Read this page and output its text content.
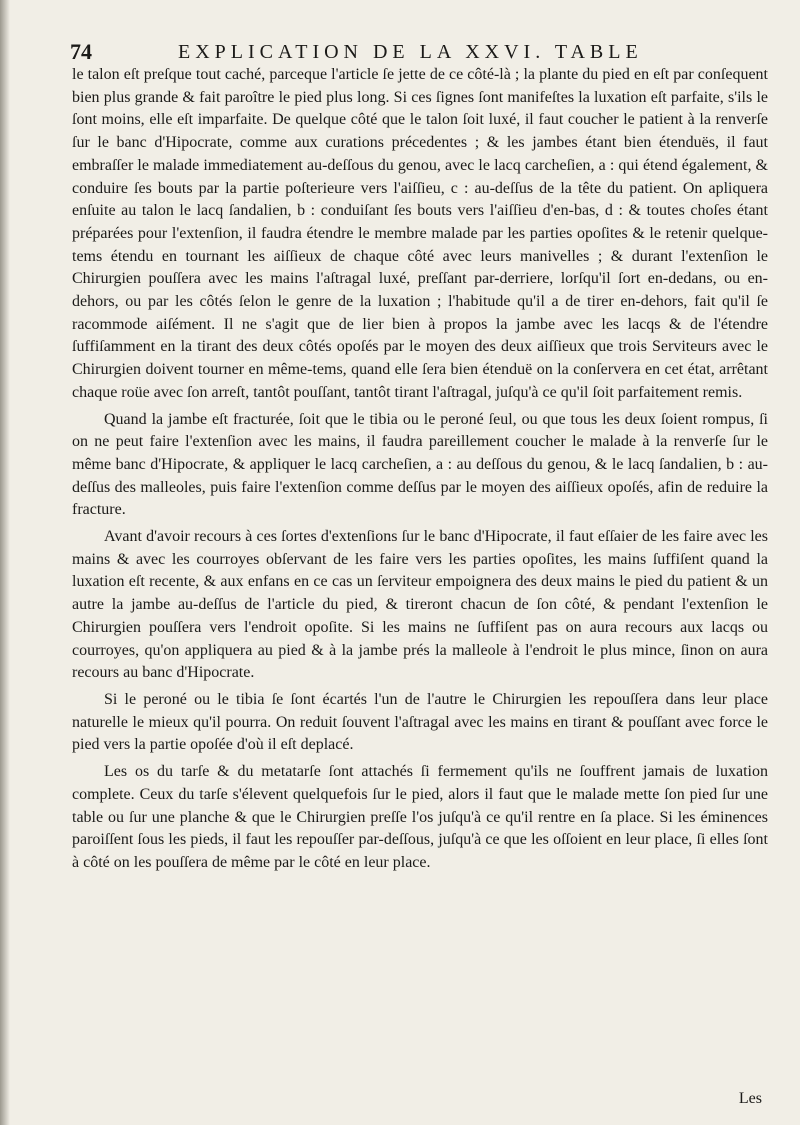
74	EXPLICATION DE LA XXVI. TABLE

le talon eſt preſque tout caché, parceque l'article ſe jette de ce côté-là ; la plante du pied en eſt par conſequent bien plus grande & fait paroître le pied plus long. Si ces ſignes ſont manifeſtes la luxation eſt parfaite, s'ils le ſont moins, elle eſt imparfaite. De quelque côté que le talon ſoit luxé, il faut coucher le patient à la renverſe ſur le banc d'Hipocrate, comme aux curations précedentes ; & les jambes étant bien étenduës, il faut embraſſer le malade immediatement au-deſſous du genou, avec le lacq carcheſien, a : qui étend également, & conduire ſes bouts par la partie poſterieure vers l'aiſſieu, c : au-deſſus de la tête du patient. On apliquera enſuite au talon le lacq ſandalien, b : conduiſant ſes bouts vers l'aiſſieu d'en-bas, d : & toutes choſes étant préparées pour l'extenſion, il faudra étendre le membre malade par les parties opoſites & le retenir quelque-tems étendu en tournant les aiſſieux de chaque côté avec leurs manivelles ; & durant l'extenſion le Chirurgien pouſſera avec les mains l'aſtragal luxé, preſſant par-derriere, lorſqu'il ſort en-dedans, ou en-dehors, ou par les côtés ſelon le genre de la luxation ; l'habitude qu'il a de tirer en-dehors, fait qu'il ſe racommode aiſément. Il ne s'agit que de lier bien à propos la jambe avec les lacqs & de l'étendre ſuffiſamment en la tirant des deux côtés opoſés par le moyen des deux aiſſieux que trois Serviteurs avec le Chirurgien doivent tourner en même-tems, quand elle ſera bien étenduë on la conſervera en cet état, arrêtant chaque roüe avec ſon arreſt, tantôt pouſſant, tantôt tirant l'aſtragal, juſqu'à ce qu'il ſoit parfaitement remis.

Quand la jambe eſt fracturée, ſoit que le tibia ou le peroné ſeul, ou que tous les deux ſoient rompus, ſi on ne peut faire l'extenſion avec les mains, il faudra pareillement coucher le malade à la renverſe ſur le même banc d'Hipocrate, & appliquer le lacq carcheſien, a : au deſſous du genou, & le lacq ſandalien, b : au-deſſus des malleoles, puis faire l'extenſion comme deſſus par le moyen des aiſſieux opoſés, afin de reduire la fracture.

Avant d'avoir recours à ces ſortes d'extenſions ſur le banc d'Hipocrate, il faut eſſaier de les faire avec les mains & avec les courroyes obſervant de les faire vers les parties opoſites, les mains ſuffiſent quand la luxation eſt recente, & aux enfans en ce cas un ſerviteur empoignera des deux mains le pied du patient & un autre la jambe au-deſſus de l'article du pied, & tireront chacun de ſon côté, & pendant l'extenſion le Chirurgien pouſſera vers l'endroit opoſite. Si les mains ne ſuffiſent pas on aura recours aux lacqs ou courroyes, qu'on appliquera au pied & à la jambe prés la malleole à l'endroit le plus mince, ſinon on aura recours au banc d'Hipocrate.

Si le peroné ou le tibia ſe ſont écartés l'un de l'autre le Chirurgien les repouſſera dans leur place naturelle le mieux qu'il pourra. On reduit ſouvent l'aſtragal avec les mains en tirant & pouſſant avec force le pied vers la partie opoſée d'où il eſt deplacé.

Les os du tarſe & du metatarſe ſont attachés ſi fermement qu'ils ne ſouffrent jamais de luxation complete. Ceux du tarſe s'élevent quelquefois ſur le pied, alors il faut que le malade mette ſon pied ſur une table ou ſur une planche & que le Chirurgien preſſe l'os juſqu'à ce qu'il rentre en ſa place. Si les éminences paroiſſent ſous les pieds, il faut les repouſſer par-deſſous, juſqu'à ce que les oſſoient en leur place, ſi elles ſont à côté on les pouſſera de même par le côté en leur place.

Les
